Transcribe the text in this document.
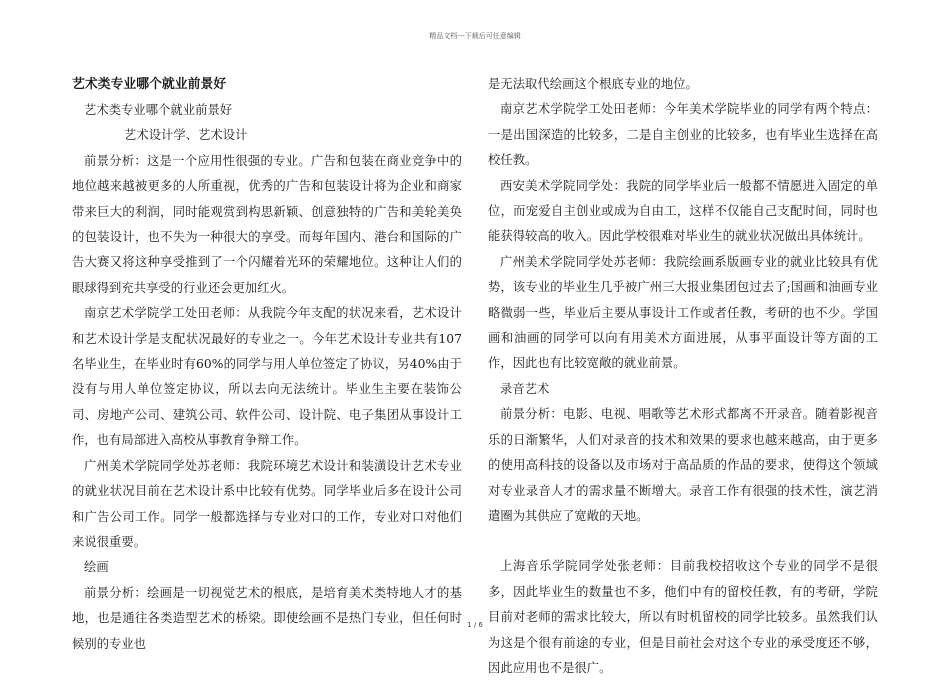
精品文档---下载后可任意编辑

艺术类专业哪个就业前景好

艺术类专业哪个就业前景好

艺术设计学、艺术设计

前景分析：这是一个应用性很强的专业。广告和包装在商业竞争中的地位越来越被更多的人所重视，优秀的广告和包装设计将为企业和商家带来巨大的利润，同时能观赏到构思新颖、创意独特的广告和美轮美奂的包装设计，也不失为一种很大的享受。而每年国内、港台和国际的广告大赛又将这种享受推到了一个闪耀着光环的荣耀地位。这种让人们的眼球得到充共享受的行业还会更加红火。

南京艺术学院学工处田老师：从我院今年支配的状况来看，艺术设计和艺术设计学是支配状况最好的专业之一。今年艺术设计专业共有107名毕业生，在毕业时有60%的同学与用人单位签定了协议，另40%由于没有与用人单位签定协议，所以去向无法统计。毕业生主要在装饰公司、房地产公司、建筑公司、软件公司、设计院、电子集团从事设计工作，也有局部进入高校从事教育争辩工作。

广州美术学院同学处苏老师：我院环境艺术设计和装潢设计艺术专业的就业状况目前在艺术设计系中比较有优势。同学毕业后多在设计公司和广告公司工作。同学一般都选择与专业对口的工作，专业对口对他们来说很重要。

绘画

前景分析：绘画是一切视觉艺术的根底，是培育美术类特地人才的基地，也是通往各类造型艺术的桥梁。即使绘画不是热门专业，但任何时候别的专业也

是无法取代绘画这个根底专业的地位。

南京艺术学院学工处田老师：今年美术学院毕业的同学有两个特点：一是出国深造的比较多，二是自主创业的比较多，也有毕业生选择在高校任教。

西安美术学院同学处：我院的同学毕业后一般都不情愿进入固定的单位，而宠爱自主创业或成为自由工，这样不仅能自己支配时间，同时也能获得较高的收入。因此学校很难对毕业生的就业状况做出具体统计。

广州美术学院同学处苏老师：我院绘画系版画专业的就业比较具有优势，该专业的毕业生几乎被广州三大报业集团包过去了;国画和油画专业略微弱一些，毕业后主要从事设计工作或者任教，考研的也不少。学国画和油画的同学可以向有用美术方面进展，从事平面设计等方面的工作，因此也有比较宽敞的就业前景。

录音艺术

前景分析：电影、电视、唱歌等艺术形式都离不开录音。随着影视音乐的日渐繁华，人们对录音的技术和效果的要求也越来越高，由于更多的使用高科技的设备以及市场对于高品质的作品的要求，使得这个领域对专业录音人才的需求量不断增大。录音工作有很强的技术性，演艺消遣圈为其供应了宽敞的天地。

上海音乐学院同学处张老师：目前我校招收这个专业的同学不是很多，因此毕业生的数量也不多，他们中有的留校任教，有的考研，学院目前对老师的需求比较大，所以有时机留校的同学比较多。虽然我们认为这是个很有前途的专业，但是目前社会对这个专业的承受度还不够，因此应用也不是很广。

1 / 6
